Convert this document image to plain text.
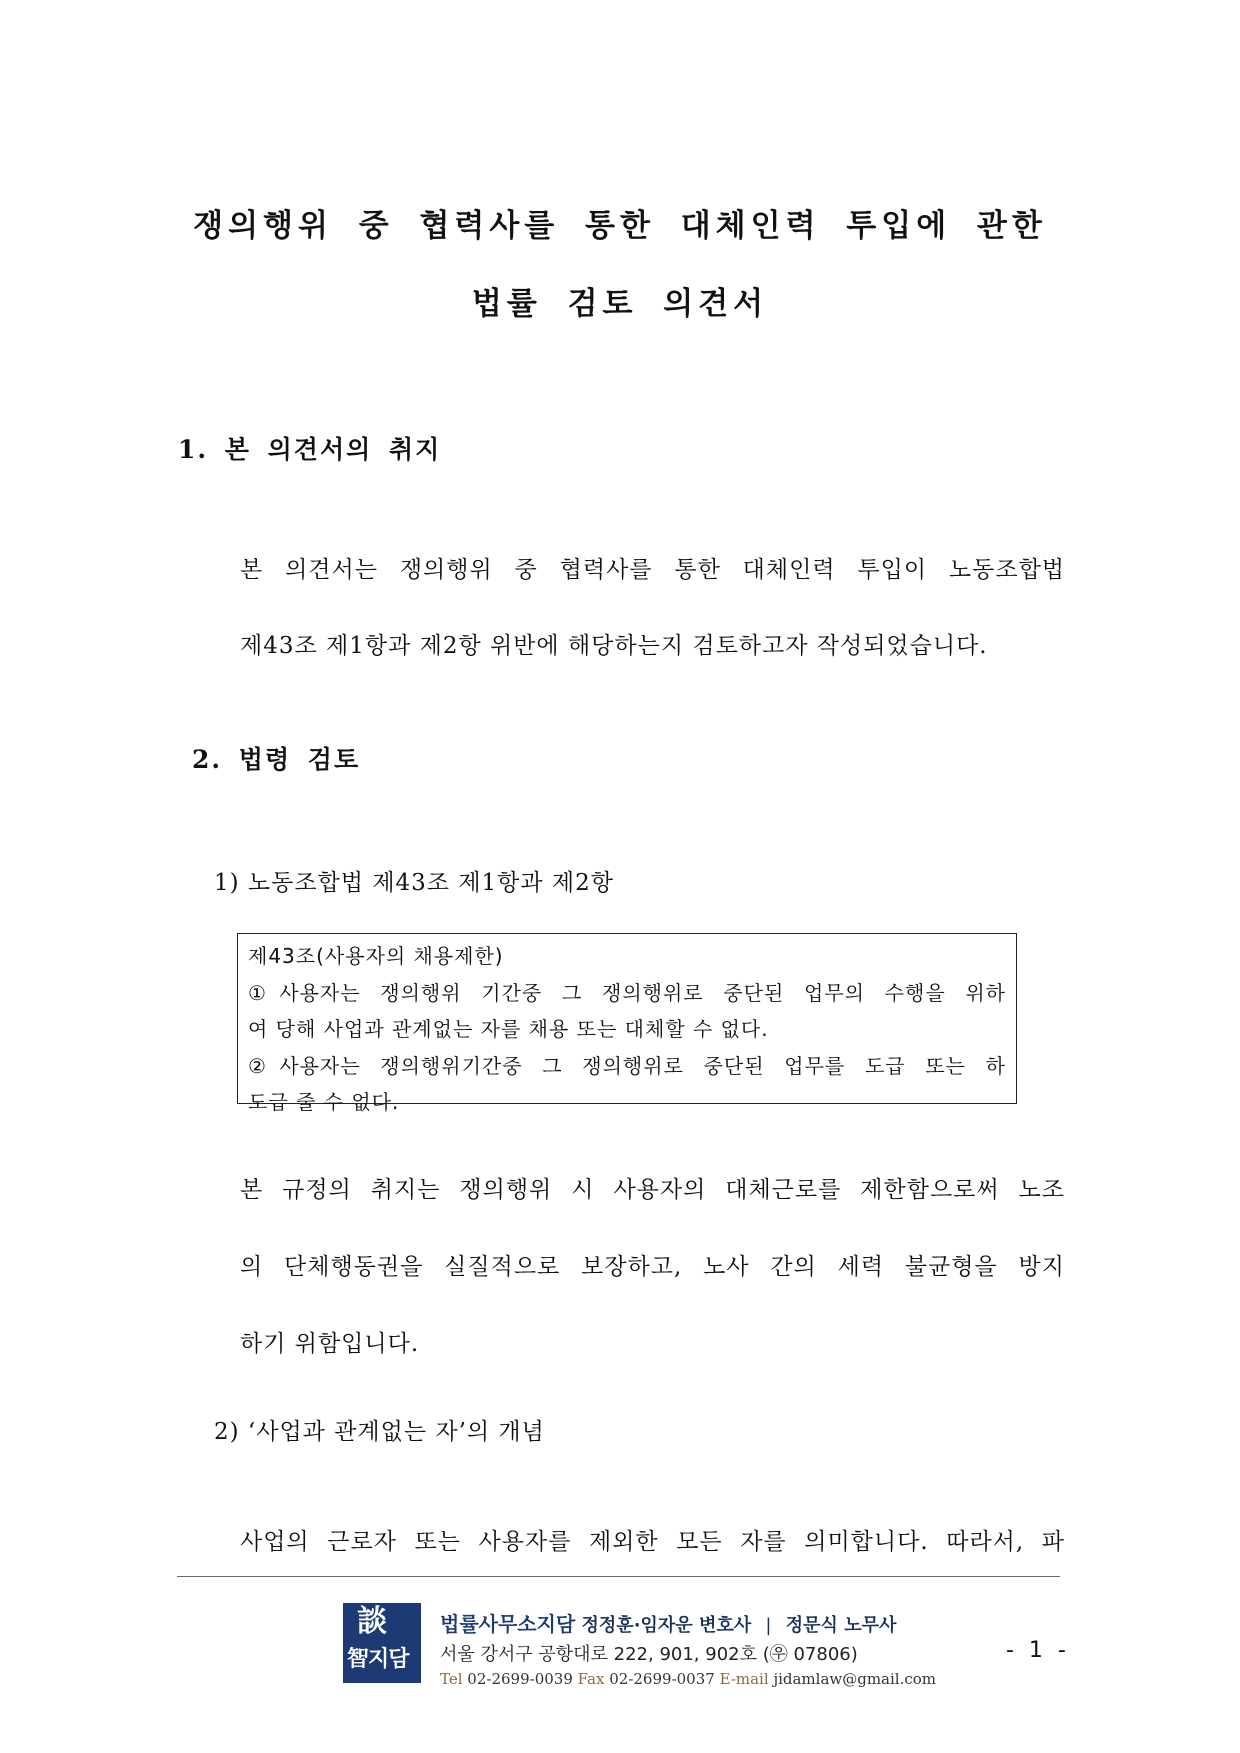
쟁의행위 중 협력사를 통한 대체인력 투입에 관한
법률 검토 의견서
1. 본 의견서의 취지
본 의견서는 쟁의행위 중 협력사를 통한 대체인력 투입이 노동조합법
제43조 제1항과 제2항 위반에 해당하는지 검토하고자 작성되었습니다.
2. 법령 검토
1) 노동조합법 제43조 제1항과 제2항
제43조(사용자의 채용제한)
①사용자는 쟁의행위 기간중 그 쟁의행위로 중단된 업무의 수행을 위하
여 당해 사업과 관계없는 자를 채용 또는 대체할 수 없다.
②사용자는 쟁의행위기간중 그 쟁의행위로 중단된 업무를 도급 또는 하
도급 줄 수 없다.
본 규정의 취지는 쟁의행위 시 사용자의 대체근로를 제한함으로써 노조
의 단체행동권을 실질적으로 보장하고, 노사 간의 세력 불균형을 방지
하기 위함입니다.
2) ‘사업과 관계없는 자’의 개념
사업의 근로자 또는 사용자를 제외한 모든 자를 의미합니다. 따라서, 파
談
智지담
법률사무소지담 정정훈·임자운 변호사 | 정문식 노무사
서울 강서구 공항대로 222, 901, 902호 (㉾ 07806)
Tel 02-2699-0039 Fax 02-2699-0037 E-mail jidamlaw@gmail.com
- 1 -
